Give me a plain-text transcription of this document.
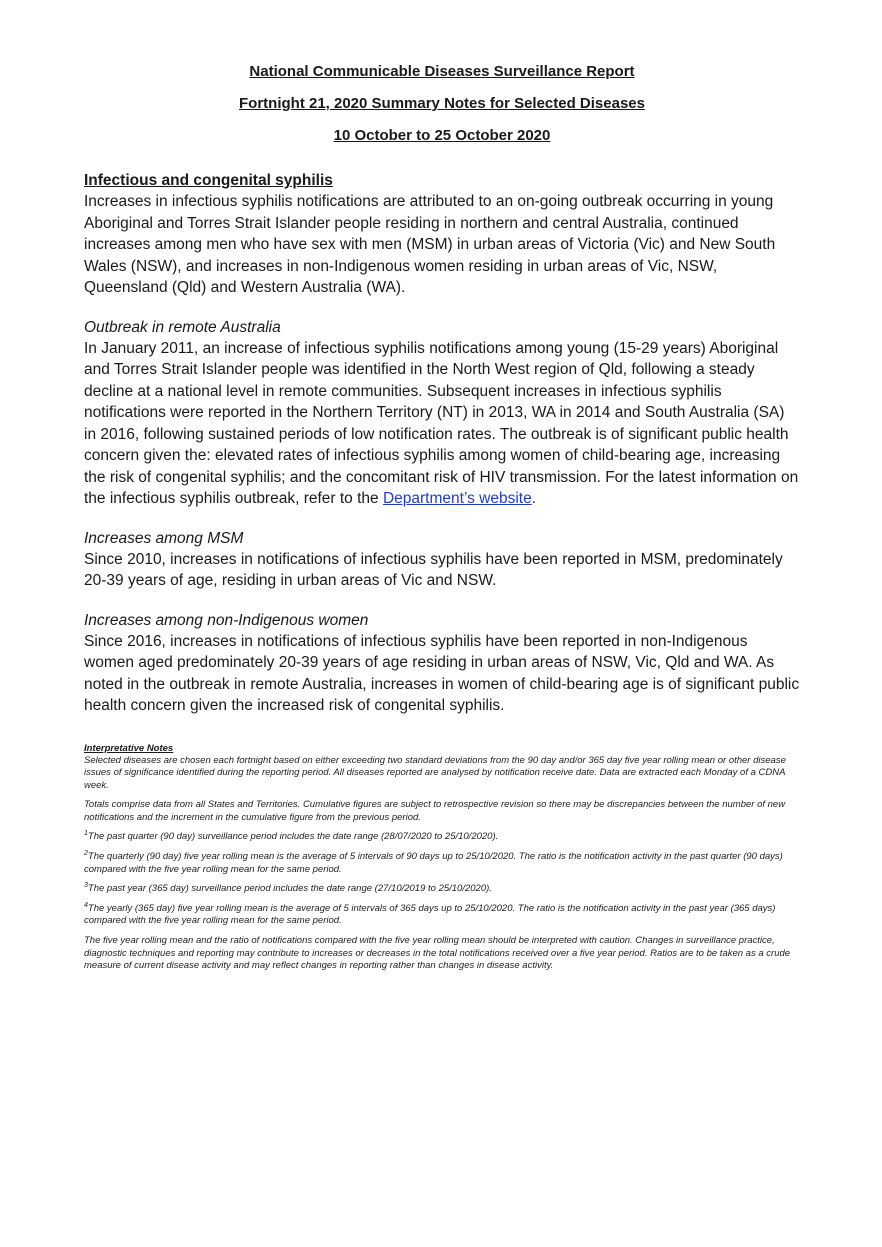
National Communicable Diseases Surveillance Report
Fortnight 21, 2020 Summary Notes for Selected Diseases
10 October to 25 October 2020
Infectious and congenital syphilis

Increases in infectious syphilis notifications are attributed to an on-going outbreak occurring in young Aboriginal and Torres Strait Islander people residing in northern and central Australia, continued increases among men who have sex with men (MSM) in urban areas of Victoria (Vic) and New South Wales (NSW), and increases in non-Indigenous women residing in urban areas of Vic, NSW, Queensland (Qld) and Western Australia (WA).

Outbreak in remote Australia

In January 2011, an increase of infectious syphilis notifications among young (15-29 years) Aboriginal and Torres Strait Islander people was identified in the North West region of Qld, following a steady decline at a national level in remote communities. Subsequent increases in infectious syphilis notifications were reported in the Northern Territory (NT) in 2013, WA in 2014 and South Australia (SA) in 2016, following sustained periods of low notification rates. The outbreak is of significant public health concern given the: elevated rates of infectious syphilis among women of child-bearing age, increasing the risk of congenital syphilis; and the concomitant risk of HIV transmission. For the latest information on the infectious syphilis outbreak, refer to the Department’s website.

Increases among MSM

Since 2010, increases in notifications of infectious syphilis have been reported in MSM, predominately 20-39 years of age, residing in urban areas of Vic and NSW.

Increases among non-Indigenous women

Since 2016, increases in notifications of infectious syphilis have been reported in non-Indigenous women aged predominately 20-39 years of age residing in urban areas of NSW, Vic, Qld and WA. As noted in the outbreak in remote Australia, increases in women of child-bearing age is of significant public health concern given the increased risk of congenital syphilis.

Interpretative Notes

Selected diseases are chosen each fortnight based on either exceeding two standard deviations from the 90 day and/or 365 day five year rolling mean or other disease issues of significance identified during the reporting period. All diseases reported are analysed by notification receive date. Data are extracted each Monday of a CDNA week.

Totals comprise data from all States and Territories. Cumulative figures are subject to retrospective revision so there may be discrepancies between the number of new notifications and the increment in the cumulative figure from the previous period.

$^1$The past quarter (90 day) surveillance period includes the date range (28/07/2020 to 25/10/2020).

$^2$The quarterly (90 day) five year rolling mean is the average of 5 intervals of 90 days up to 25/10/2020. The ratio is the notification activity in the past quarter (90 days) compared with the five year rolling mean for the same period.

$^3$The past year (365 day) surveillance period includes the date range (27/10/2019 to 25/10/2020).

$^4$The yearly (365 day) five year rolling mean is the average of 5 intervals of 365 days up to 25/10/2020. The ratio is the notification activity in the past year (365 days) compared with the five year rolling mean for the same period.

The five year rolling mean and the ratio of notifications compared with the five year rolling mean should be interpreted with caution. Changes in surveillance practice, diagnostic techniques and reporting may contribute to increases or decreases in the total notifications received over a five year period. Ratios are to be taken as a crude measure of current disease activity and may reflect changes in reporting rather than changes in disease activity.
